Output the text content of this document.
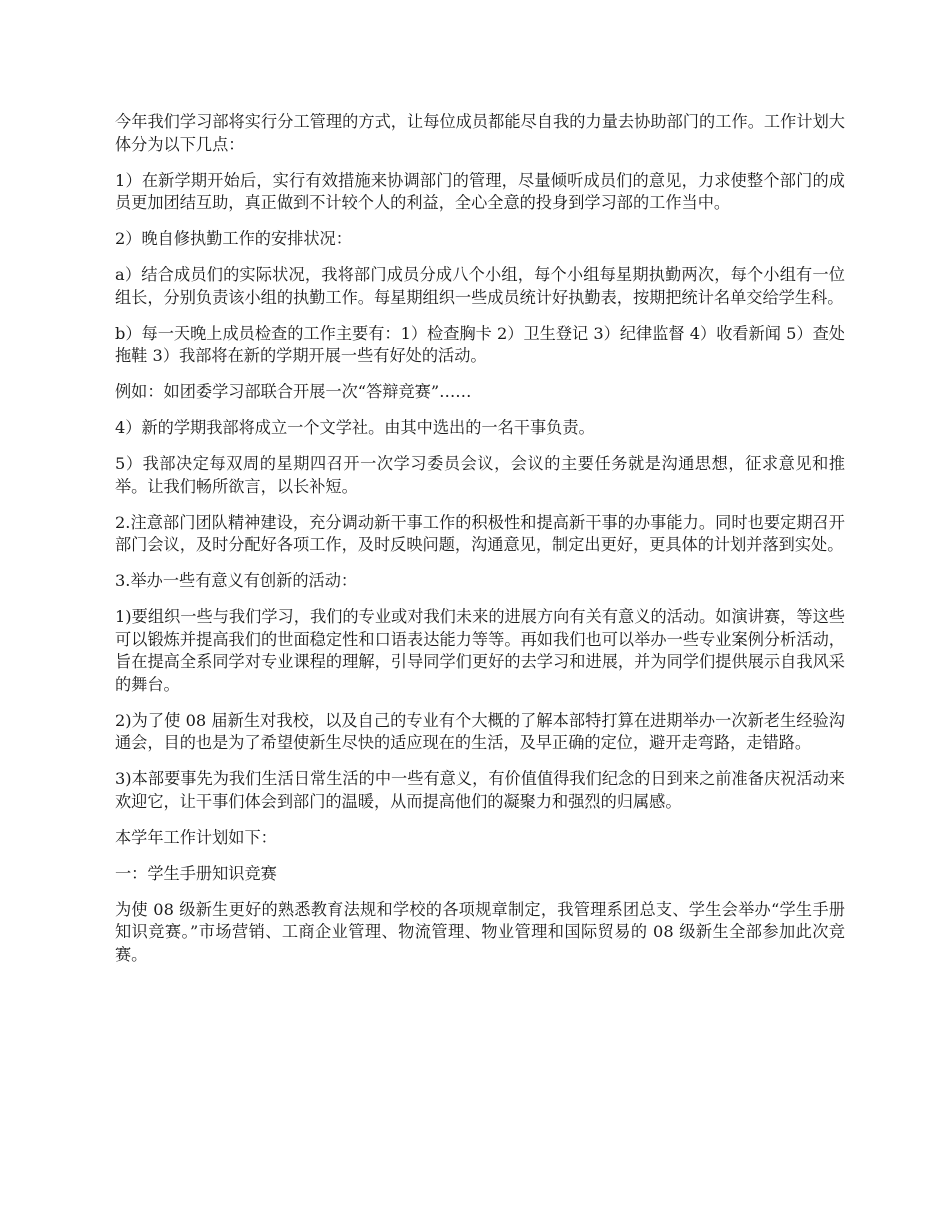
今年我们学习部将实行分工管理的方式，让每位成员都能尽自我的力量去协助部门的工作。工作计划大体分为以下几点：

1）在新学期开始后，实行有效措施来协调部门的管理，尽量倾听成员们的意见，力求使整个部门的成员更加团结互助，真正做到不计较个人的利益，全心全意的投身到学习部的工作当中。

2）晚自修执勤工作的安排状况：

a）结合成员们的实际状况，我将部门成员分成八个小组，每个小组每星期执勤两次，每个小组有一位组长，分别负责该小组的执勤工作。每星期组织一些成员统计好执勤表，按期把统计名单交给学生科。

b）每一天晚上成员检查的工作主要有：1）检查胸卡 2）卫生登记 3）纪律监督 4）收看新闻 5）查处拖鞋 3）我部将在新的学期开展一些有好处的活动。

例如：如团委学习部联合开展一次“答辩竞赛”……

4）新的学期我部将成立一个文学社。由其中选出的一名干事负责。

5）我部决定每双周的星期四召开一次学习委员会议，会议的主要任务就是沟通思想，征求意见和推举。让我们畅所欲言，以长补短。

2.注意部门团队精神建设，充分调动新干事工作的积极性和提高新干事的办事能力。同时也要定期召开部门会议，及时分配好各项工作，及时反映问题，沟通意见，制定出更好，更具体的计划并落到实处。

3.举办一些有意义有创新的活动：

1)要组织一些与我们学习，我们的专业或对我们未来的进展方向有关有意义的活动。如演讲赛，等这些可以锻炼并提高我们的世面稳定性和口语表达能力等等。再如我们也可以举办一些专业案例分析活动，旨在提高全系同学对专业课程的理解，引导同学们更好的去学习和进展，并为同学们提供展示自我风采的舞台。

2)为了使 08 届新生对我校，以及自己的专业有个大概的了解本部特打算在进期举办一次新老生经验沟通会，目的也是为了希望使新生尽快的适应现在的生活，及早正确的定位，避开走弯路，走错路。

3)本部要事先为我们生活日常生活的中一些有意义，有价值值得我们纪念的日到来之前准备庆祝活动来欢迎它，让干事们体会到部门的温暖，从而提高他们的凝聚力和强烈的归属感。

本学年工作计划如下：

一：学生手册知识竞赛

为使 08 级新生更好的熟悉教育法规和学校的各项规章制定，我管理系团总支、学生会举办“学生手册知识竞赛。”市场营销、工商企业管理、物流管理、物业管理和国际贸易的 08 级新生全部参加此次竞赛。
